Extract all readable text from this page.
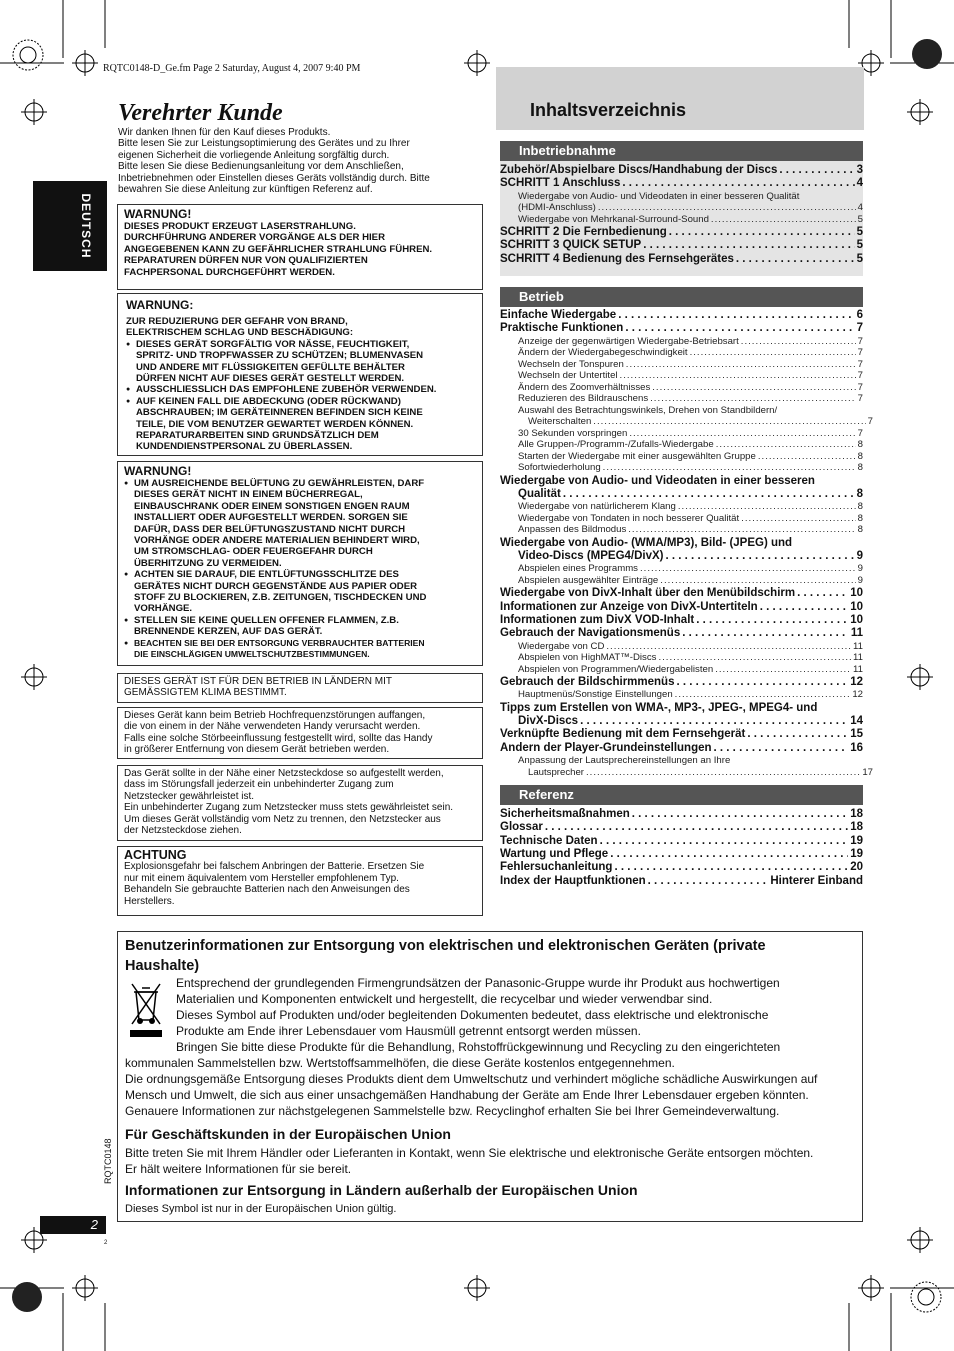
RQTC0148-D_Ge.fm Page 2 Saturday, August 4, 2007 9:40 PM
DEUTSCH
Verehrter Kunde
Wir danken Ihnen für den Kauf dieses Produkts.
Bitte lesen Sie zur Leistungsoptimierung des Gerätes und zu Ihrer
eigenen Sicherheit die vorliegende Anleitung sorgfältig durch.
Bitte lesen Sie diese Bedienungsanleitung vor dem Anschließen,
Inbetriebnehmen oder Einstellen dieses Geräts vollständig durch. Bitte
bewahren Sie diese Anleitung zur künftigen Referenz auf.
WARNUNG!
DIESES PRODUKT ERZEUGT LASERSTRAHLUNG.
DURCHFÜHRUNG ANDERER VORGÄNGE ALS DER HIER
ANGEGEBENEN KANN ZU GEFÄHRLICHER STRAHLUNG FÜHREN.
REPARATUREN DÜRFEN NUR VON QUALIFIZIERTEN
FACHPERSONAL DURCHGEFÜHRT WERDEN.
WARNUNG:
ZUR REDUZIERUNG DER GEFAHR VON BRAND,
ELEKTRISCHEM SCHLAG UND BESCHÄDIGUNG:
● DIESES GERÄT SORGFÄLTIG VOR NÄSSE, FEUCHTIGKEIT,
SPRITZ- UND TROPFWASSER ZU SCHÜTZEN; BLUMENVASEN
UND ANDERE MIT FLÜSSIGKEITEN GEFÜLLTE BEHÄLTER
DÜRFEN NICHT AUF DIESES GERÄT GESTELLT WERDEN.
● AUSSCHLIESSLICH DAS EMPFOHLENE ZUBEHÖR VERWENDEN.
● AUF KEINEN FALL DIE ABDECKUNG (ODER RÜCKWAND)
ABSCHRAUBEN; IM GERÄTEINNEREN BEFINDEN SICH KEINE
TEILE, DIE VOM BENUTZER GEWARTET WERDEN KÖNNEN.
REPARATURARBEITEN SIND GRUNDSÄTZLICH DEM
KUNDENDIENSTPERSONAL ZU ÜBERLASSEN.
WARNUNG!
● UM AUSREICHENDE BELÜFTUNG ZU GEWÄHRLEISTEN, DARF
DIESES GERÄT NICHT IN EINEM BÜCHERREGAL,
EINBAUSCHRANK ODER EINEM SONSTIGEN ENGEN RAUM
INSTALLIERT ODER AUFGESTELLT WERDEN. SORGEN SIE
DAFÜR, DASS DER BELÜFTUNGSZUSTAND NICHT DURCH
VORHÄNGE ODER ANDERE MATERIALIEN BEHINDERT WIRD,
UM STROMSCHLAG- ODER FEUERGEFAHR DURCH
ÜBERHITZUNG ZU VERMEIDEN.
● ACHTEN SIE DARAUF, DIE ENTLÜFTUNGSSCHLITZE DES
GERÄTES NICHT DURCH GEGENSTÄNDE AUS PAPIER ODER
STOFF ZU BLOCKIEREN, Z.B. ZEITUNGEN, TISCHDECKEN UND
VORHÄNGE.
● STELLEN SIE KEINE QUELLEN OFFENER FLAMMEN, Z.B.
BRENNENDE KERZEN, AUF DAS GERÄT.
● BEACHTEN SIE BEI DER ENTSORGUNG VERBRAUCHTER BATTERIEN
DIE EINSCHLÄGIGEN UMWELTSCHUTZBESTIMMUNGEN.
DIESES GERÄT IST FÜR DEN BETRIEB IN LÄNDERN MIT
GEMÄSSIGTEM KLIMA BESTIMMT.
Dieses Gerät kann beim Betrieb Hochfrequenzstörungen auffangen,
die von einem in der Nähe verwendeten Handy verursacht werden.
Falls eine solche Störbeeinflussung festgestellt wird, sollte das Handy
in größerer Entfernung von diesem Gerät betrieben werden.
Das Gerät sollte in der Nähe einer Netzsteckdose so aufgestellt werden,
dass im Störungsfall jederzeit ein unbehinderter Zugang zum
Netzstecker gewährleistet ist.
Ein unbehinderter Zugang zum Netzstecker muss stets gewährleistet sein.
Um dieses Gerät vollständig vom Netz zu trennen, den Netzstecker aus
der Netzsteckdose ziehen.
ACHTUNG
Explosionsgefahr bei falschem Anbringen der Batterie. Ersetzen Sie
nur mit einem äquivalentem vom Hersteller empfohlenem Typ.
Behandeln Sie gebrauchte Batterien nach den Anweisungen des
Herstellers.
Inhaltsverzeichnis
Inbetriebnahme
Zubehör/Abspielbare Discs/Handhabung der Discs . . .	3
SCHRITT 1 Anschluss . . .	4
Wiedergabe von Audio- und Videodaten in einer besseren Qualität
(HDMI-Anschluss) .....	4
Wiedergabe von Mehrkanal-Surround-Sound .....	5
SCHRITT 2 Die Fernbedienung . . .	5
SCHRITT 3 QUICK SETUP . . .	5
SCHRITT 4 Bedienung des Fernsehgerätes . . .	5
Betrieb
Einfache Wiedergabe . . .	6
Praktische Funktionen . . .	7
Anzeige der gegenwärtigen Wiedergabe-Betriebsart .....	7
Ändern der Wiedergabegeschwindigkeit .....	7
Wechseln der Tonspuren .....	7
Wechseln der Untertitel .....	7
Ändern des Zoomverhältnisses .....	7
Reduzieren des Bildrauschens .....	7
Auswahl des Betrachtungswinkels, Drehen von Standbildern/
Weiterschalten .....	7
30 Sekunden vorspringen .....	7
Alle Gruppen-/Programm-/Zufalls-Wiedergabe .....	8
Starten der Wiedergabe mit einer ausgewählten Gruppe .....	8
Sofortwiederholung .....	8
Wiedergabe von Audio- und Videodaten in einer besseren
Qualität . . .	8
Wiedergabe von natürlicherem Klang .....	8
Wiedergabe von Tondaten in noch besserer Qualität .....	8
Anpassen des Bildmodus .....	8
Wiedergabe von Audio- (WMA/MP3), Bild- (JPEG) und
Video-Discs (MPEG4/DivX) . . .	9
Abspielen eines Programms .....	9
Abspielen ausgewählter Einträge .....	9
Wiedergabe von DivX-Inhalt über den Menübildschirm . . .	10
Informationen zur Anzeige von DivX-Untertiteln . . .	10
Informationen zum DivX VOD-Inhalt . . .	10
Gebrauch der Navigationsmenüs . . .	11
Wiedergabe von CD .....	11
Abspielen von HighMAT™-Discs .....	11
Abspielen von Programmen/Wiedergabelisten .....	11
Gebrauch der Bildschirmmenüs . . .	12
Hauptmenüs/Sonstige Einstellungen .....	12
Tipps zum Erstellen von WMA-, MP3-, JPEG-, MPEG4- und
DivX-Discs . . .	14
Verknüpfte Bedienung mit dem Fernsehgerät . . .	15
Ändern der Player-Grundeinstellungen . . .	16
Anpassung der Lautsprechereinstellungen an Ihre
Lautsprecher .....	17
Referenz
Sicherheitsmaßnahmen . . .	18
Glossar . . .	18
Technische Daten . . .	19
Wartung und Pflege . . .	19
Fehlersuchanleitung . . .	20
Index der Hauptfunktionen . . .	Hinterer Einband
Benutzerinformationen zur Entsorgung von elektrischen und elektronischen Geräten (private
Haushalte)

Entsprechend der grundlegenden Firmengrundsätzen der Panasonic-Gruppe wurde ihr Produkt aus hochwertigen
Materialien und Komponenten entwickelt und hergestellt, die recycelbar und wieder verwendbar sind.
Dieses Symbol auf Produkten und/oder begleitenden Dokumenten bedeutet, dass elektrische und elektronische
Produkte am Ende ihrer Lebensdauer vom Hausmüll getrennt entsorgt werden müssen.
Bringen Sie bitte diese Produkte für die Behandlung, Rohstoffrückgewinnung und Recycling zu den eingerichteten

kommunalen Sammelstellen bzw. Wertstoffsammelhöfen, die diese Geräte kostenlos entgegennehmen.
Die ordnungsgemäße Entsorgung dieses Produkts dient dem Umweltschutz und verhindert mögliche schädliche Auswirkungen auf
Mensch und Umwelt, die sich aus einer unsachgemäßen Handhabung der Geräte am Ende Ihrer Lebensdauer ergeben könnten.
Genauere Informationen zur nächstgelegenen Sammelstelle bzw. Recyclinghof erhalten Sie bei Ihrer Gemeindeverwaltung.

Für Geschäftskunden in der Europäischen Union

Bitte treten Sie mit Ihrem Händler oder Lieferanten in Kontakt, wenn Sie elektrische und elektronische Geräte entsorgen möchten.
Er hält weitere Informationen für sie bereit.

Informationen zur Entsorgung in Ländern außerhalb der Europäischen Union

Dieses Symbol ist nur in der Europäischen Union gültig.

RQTC0148
2
2
